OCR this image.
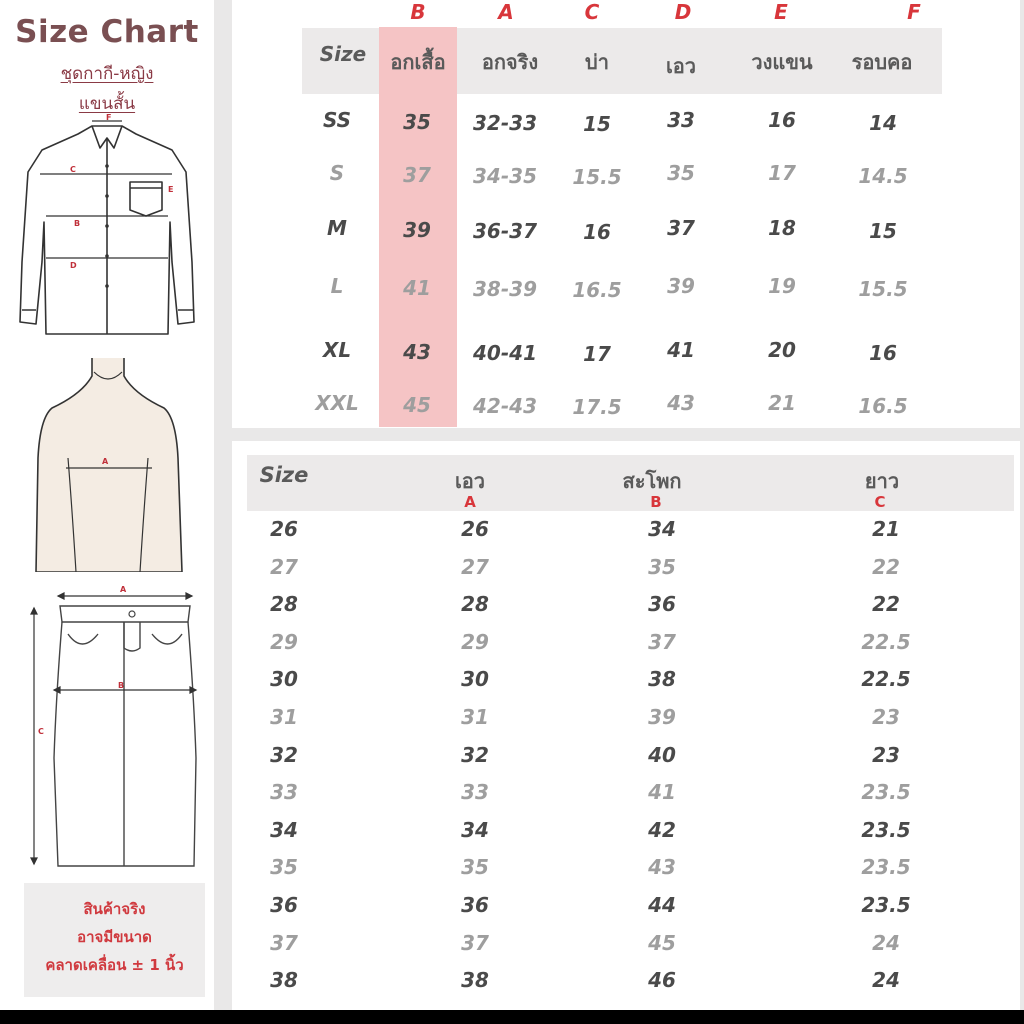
Size Chart
ชุดกากี-หญิง
แขนสั้น
F
C
E
B
D
A
A
B
C
สินค้าจริง
อาจมีขนาด
คลาดเคลื่อน ± 1 นิ้ว
B	A	C	D	E	F
Size	อกเสื้อ	อกจริง	บ่า	เอว	วงแขน	รอบคอ
SS	35	32-33	15	33	16	14
S	37	34-35	15.5	35	17	14.5
M	39	36-37	16	37	18	15
L	41	38-39	16.5	39	19	15.5
XL	43	40-41	17	41	20	16
XXL	45	42-43	17.5	43	21	16.5
Size	เอว	สะโพก	ยาว
A	B	C
26	26	34	21
27	27	35	22
28	28	36	22
29	29	37	22.5
30	30	38	22.5
31	31	39	23
32	32	40	23
33	33	41	23.5
34	34	42	23.5
35	35	43	23.5
36	36	44	23.5
37	37	45	24
38	38	46	24
